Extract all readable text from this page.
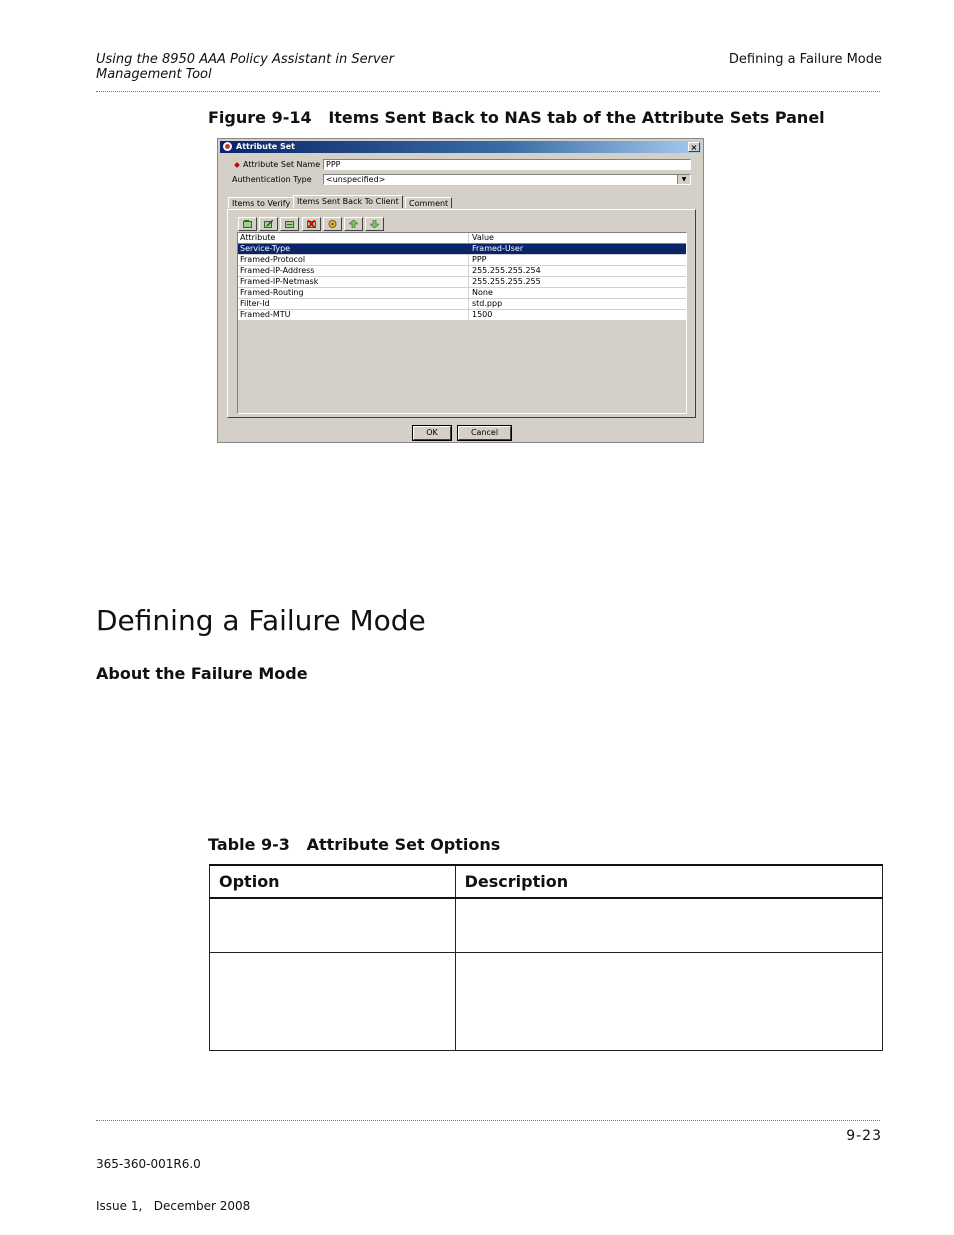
Using the 8950 AAA Policy Assistant in Server
Management Tool
Defining a Failure Mode
Figure 9-14   Items Sent Back to NAS tab of the Attribute Sets Panel
Attribute Set	×
Attribute Set Name PPP
Authentication Type	<unspecified>	▼
Items to Verify Items Sent Back To Client	Comment
Attribute	Value
Service-Type	Framed-User
Framed-Protocol	PPP
Framed-IP-Address	255.255.255.254
Framed-IP-Netmask	255.255.255.255
Framed-Routing	None
Filter-Id	std.ppp
Framed-MTU	1500
OK	Cancel
Defining a Failure Mode
About the Failure Mode
Table 9-3   Attribute Set Options
Option	Description

365-360-001R6.0

Issue 1,   December 2008

9-23
